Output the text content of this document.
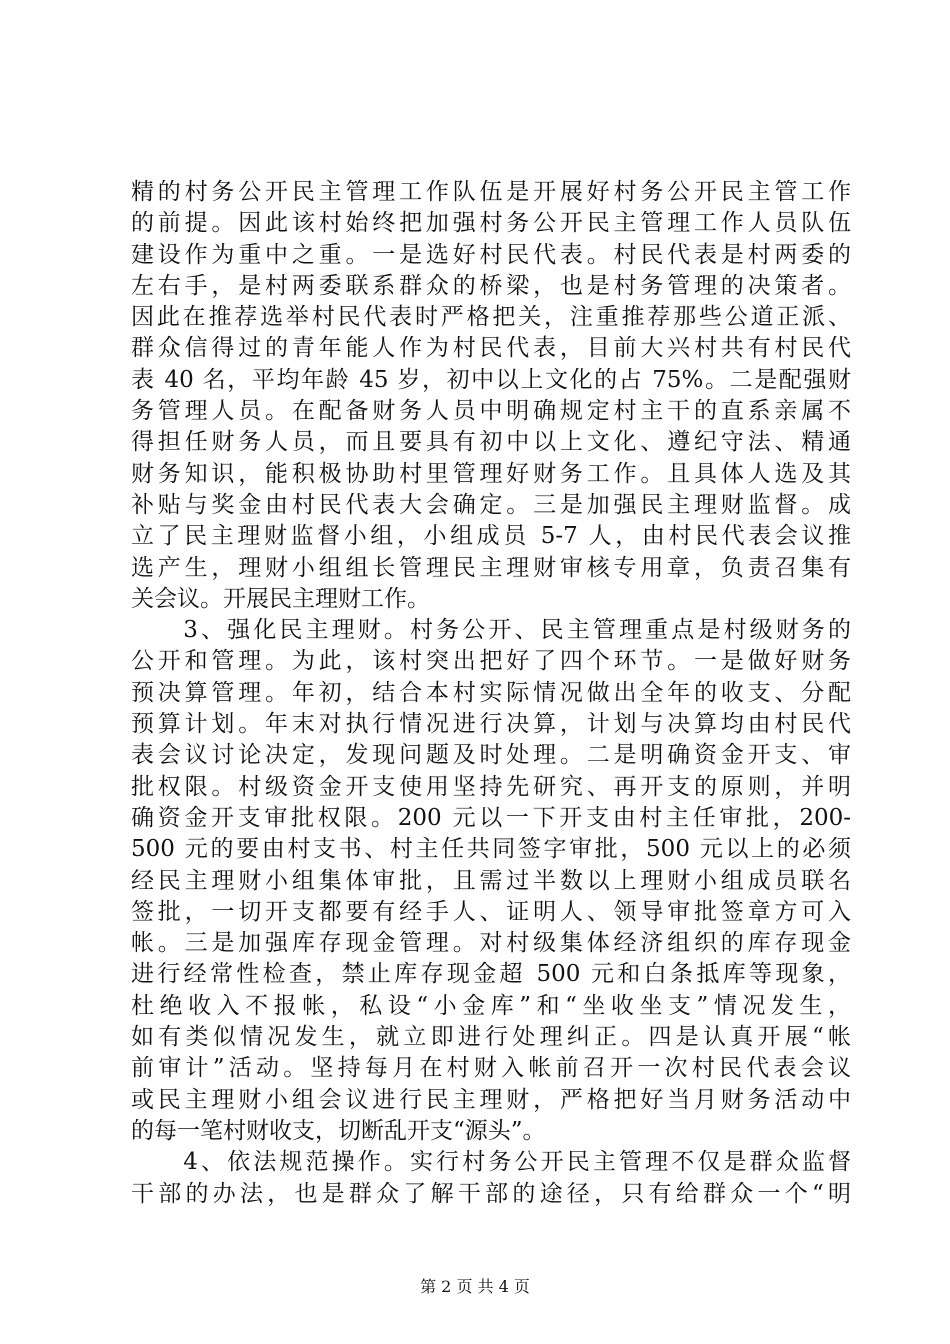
精的村务公开民主管理工作队伍是开展好村务公开民主管工作
的前提。因此该村始终把加强村务公开民主管理工作人员队伍
建设作为重中之重。一是选好村民代表。村民代表是村两委的
左右手，是村两委联系群众的桥梁，也是村务管理的决策者。
因此在推荐选举村民代表时严格把关，注重推荐那些公道正派、
群众信得过的青年能人作为村民代表，目前大兴村共有村民代
表 40 名，平均年龄 45 岁，初中以上文化的占 75%。二是配强财
务管理人员。在配备财务人员中明确规定村主干的直系亲属不
得担任财务人员，而且要具有初中以上文化、遵纪守法、精通
财务知识，能积极协助村里管理好财务工作。且具体人选及其
补贴与奖金由村民代表大会确定。三是加强民主理财监督。成
立了民主理财监督小组，小组成员 5-7 人，由村民代表会议推
选产生，理财小组组长管理民主理财审核专用章，负责召集有
关会议。开展民主理财工作。
　　3、强化民主理财。村务公开、民主管理重点是村级财务的
公开和管理。为此，该村突出把好了四个环节。一是做好财务
预决算管理。年初，结合本村实际情况做出全年的收支、分配
预算计划。年末对执行情况进行决算，计划与决算均由村民代
表会议讨论决定，发现问题及时处理。二是明确资金开支、审
批权限。村级资金开支使用坚持先研究、再开支的原则，并明
确资金开支审批权限。200 元以一下开支由村主任审批，200-
500 元的要由村支书、村主任共同签字审批，500 元以上的必须
经民主理财小组集体审批，且需过半数以上理财小组成员联名
签批，一切开支都要有经手人、证明人、领导审批签章方可入
帐。三是加强库存现金管理。对村级集体经济组织的库存现金
进行经常性检查，禁止库存现金超 500 元和白条抵库等现象，
杜绝收入不报帐，私设“小金库”和“坐收坐支”情况发生，
如有类似情况发生，就立即进行处理纠正。四是认真开展“帐
前审计”活动。坚持每月在村财入帐前召开一次村民代表会议
或民主理财小组会议进行民主理财，严格把好当月财务活动中
的每一笔村财收支，切断乱开支“源头”。
　　4、依法规范操作。实行村务公开民主管理不仅是群众监督
干部的办法，也是群众了解干部的途径，只有给群众一个“明
第 2 页 共 4 页
